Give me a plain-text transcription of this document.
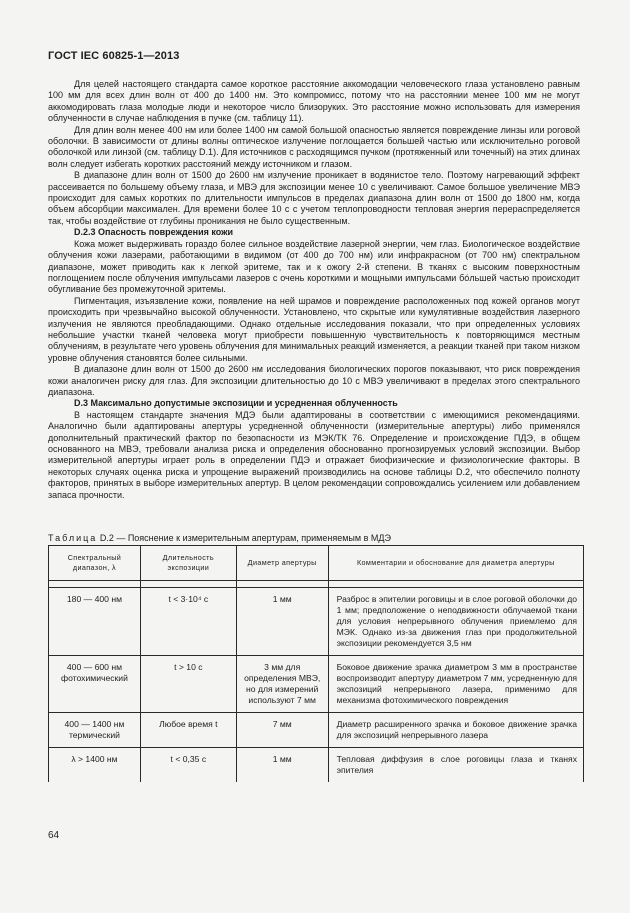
ГОСТ IEC 60825-1—2013

Для целей настоящего стандарта самое короткое расстояние аккомодации человеческого глаза установлено равным 100 мм для всех длин волн от 400 до 1400 нм. Это компромисс, потому что на расстоянии менее 100 мм не могут аккомодировать глаза молодые люди и некоторое число близоруких. Это расстояние можно использовать для измерения облученности в случае наблюдения в пучке (см. таблицу 11).

Для длин волн менее 400 нм или более 1400 нм самой большой опасностью является повреждение линзы или роговой оболочки. В зависимости от длины волны оптическое излучение поглощается большей частью или исключительно роговой оболочкой или линзой (см. таблицу D.1). Для источников с расходящимся пучком (протяженный или точечный) на этих длинах волн следует избегать коротких расстояний между источником и глазом.

В диапазоне длин волн от 1500 до 2600 нм излучение проникает в водянистое тело. Поэтому нагревающий эффект рассеивается по большему объему глаза, и МВЭ для экспозиции менее 10 с увеличивают. Самое большое увеличение МВЭ происходит для самых коротких по длительности импульсов в пределах диапазона длин волн от 1500 до 1800 нм, когда объем абсорбции максимален. Для времени более 10 с с учетом теплопроводности тепловая энергия перераспределяется так, чтобы воздействие от глубины проникания не было существенным.

D.2.3 Опасность повреждения кожи

Кожа может выдерживать гораздо более сильное воздействие лазерной энергии, чем глаз. Биологическое воздействие облучения кожи лазерами, работающими в видимом (от 400 до 700 нм) или инфракрасном (от 700 нм) спектральном диапазоне, может приводить как к легкой эритеме, так и к ожогу 2-й степени. В тканях с высоким поверхностным поглощением после облучения импульсами лазеров с очень короткими и мощными импульсами бóльшей частью происходит обугливание без промежуточной эритемы.

Пигментация, изъязвление кожи, появление на ней шрамов и повреждение расположенных под кожей органов могут происходить при чрезвычайно высокой облученности. Установлено, что скрытые или кумулятивные воздействия лазерного излучения не являются преобладающими. Однако отдельные исследования показали, что при определенных условиях небольшие участки тканей человека могут приобрести повышенную чувствительность к повторяющимся местным облучениям, в результате чего уровень облучения для минимальных реакций изменяется, а реакции тканей при таком низком уровне облучения становятся более сильными.

В диапазоне длин волн от 1500 до 2600 нм исследования биологических порогов показывают, что риск повреждения кожи аналогичен риску для глаз. Для экспозиции длительностью до 10 с МВЭ увеличивают в пределах этого спектрального диапазона.

D.3 Максимально допустимые экспозиции и усредненная облученность

В настоящем стандарте значения МДЭ были адаптированы в соответствии с имеющимися рекомендациями. Аналогично были адаптированы апертуры усредненной облученности (измерительные апертуры) либо применялся дополнительный практический фактор по безопасности из МЭК/ТК 76. Определение и происхождение ПДЭ, в общем основанного на МВЭ, требовали анализа риска и определения обоснованно прогнозируемых условий экспозиции. Выбор измерительной апертуры играет роль в определении ПДЭ и отражает биофизические и физиологические факторы. В некоторых случаях оценка риска и упрощение выражений производились на основе таблицы D.2, что обеспечило полноту факторов, принятых в выборе измерительных апертур. В целом рекомендации сопровождались усилением или добавлением запаса прочности.

Таблица D.2 — Пояснение к измерительным апертурам, применяемым в МДЭ
Спектральный диапазон, λ	Длительность экспозиции	Диаметр апертуры	Комментарии и обоснование для диаметра апертуры

180 — 400 нм	t < 3·10⁴ с	1 мм	Разброс в эпителии роговицы и в слое роговой оболочки до 1 мм; предположение о неподвижности облучаемой ткани для условия непрерывного облучения приемлемо для МЭК. Однако из-за движения глаз при продолжительной экспозиции рекомендуется 3,5 нм
400 — 600 нм фотохимический	t > 10 с	3 мм для определения МВЭ, но для измерений используют 7 мм	Боковое движение зрачка диаметром 3 мм в пространстве воспроизводит апертуру диаметром 7 мм, усредненную для экспозиций непрерывного лазера, применимо для механизма фотохимического повреждения
400 — 1400 нм термический	Любое время t	7 мм	Диаметр расширенного зрачка и боковое движение зрачка для экспозиций непрерывного лазера
λ > 1400 нм	t < 0,35 с	1 мм	Тепловая диффузия в слое роговицы глаза и тканях эпителия
64
